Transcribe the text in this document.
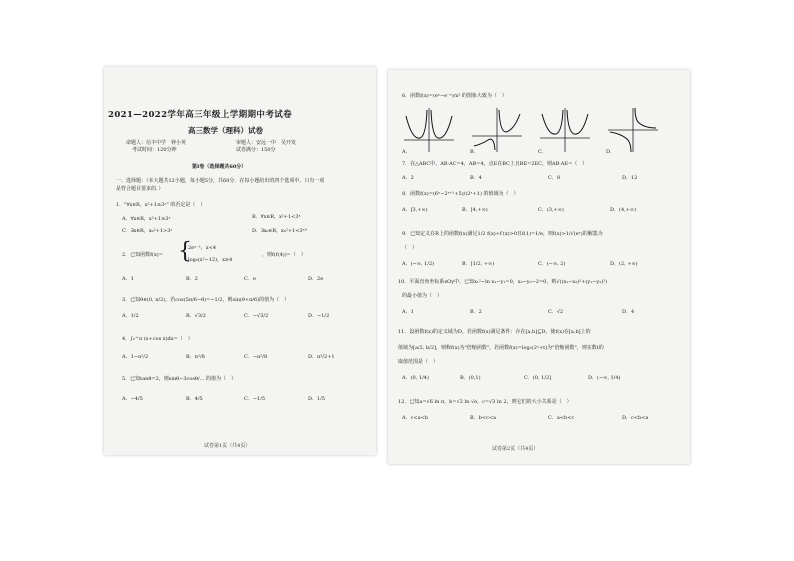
2021—2022学年高三年级上学期期中考试卷
高三数学（理科）试卷
命题人：信丰中学　钟小英	审题人：安远一中　吴开发
考试时间：120分钟	试卷满分：150分
第Ⅰ卷（选择题共60分）
一、选择题：（本大题共12小题，每小题5分，共60分．在每小题给出的四个选项中，只有一项
是符合题目要求的．）
1．"∀x∈R，x²+1≥3ˣ" 的否定是（　）
A．∀x∈R，x²+1≥3ˣ	B．∀x∈R，x²+1<3ˣ
C．∃x∈R，x₀²+1>3ˣ	D．∃x₀∈R，x₀²+1<3ˣ⁰
2．已知函数f(x)= {
2eˣ⁻¹，x<4
log₂(x²−12)，x≥4
，则f(f(4))=（　）
A．1	B．2	C．e	D．2e
3．已知θ∈(0, π/2)，若cos(5π/6−θ)=−1/2，则sin(θ+π/6)的值为（　）
A．1/2	B．√3/2	C．−√3/2	D．−1/2
4．∫₀^π (x+cos x)dx=（　）
A．1−π²/2	B．π²/8	C．−π²/8	D．π²/2+1
5．已知tanθ=2，则sinθ−3cosθ/... 的值为（　）
A．−4/5	B．4/5	C．−1/5	D．1/5
试卷第1页（共4页）
6．函数f(x)=(eˣ−e⁻ˣ)/x² 的图象大致为（　）
A．	B．	C．	D．
7．在△ABC中，AB·AC=4，AB=4，点E在BC上且BE=2EC，则AB·AE=（　）
A．2	B．4	C．8	D．12
8．函数f(x)=(6ˣ−2ˣ⁺¹+5)/(2ˣ+1) 的值域为（　）
A．[3,+∞)	B．[4,+∞)	C．(3,+∞)	D．(4,+∞)
9．已知定义在R上的函数f(x)满足1/2 f(x)+f′(x)>0且f(1)=1/e，则f(x)>1/√(eˣ)的解集为
（　）
A．(−∞, 1/2)	B．[1/2, +∞)	C．(−∞, 2)	D．(2, +∞)
10．平面直角坐标系xOy中，已知x₁²−ln x₁−y₁=0，x₂−y₂−2=0，则√((x₁−x₂)²+(y₁−y₂)²)
的最小值为（　）
A．1	B．2	C．√2	D．4
11．设函数f(x)的定义域为D，若函数f(x)满足条件：存在[a,b]⊆D，使f(x)在[a,b]上的
值域为[a/2, b/2]，则称f(x)为"倍缩函数"，若函数f(x)=log₂(2ˣ+t)为"倍缩函数"，则实数t的
取值范围是（　）
A．(0, 1/4)	B．(0,1)	C．(0, 1/2]	D．(−∞, 1/4)
12．已知a=√6 ln π，b=√2 ln √e，c=√3 ln 2，则它们的大小关系是（　）
A．c<a<b	B．b<c<a	C．a<b<c	D．c<b<a
试卷第2页（共4页）
